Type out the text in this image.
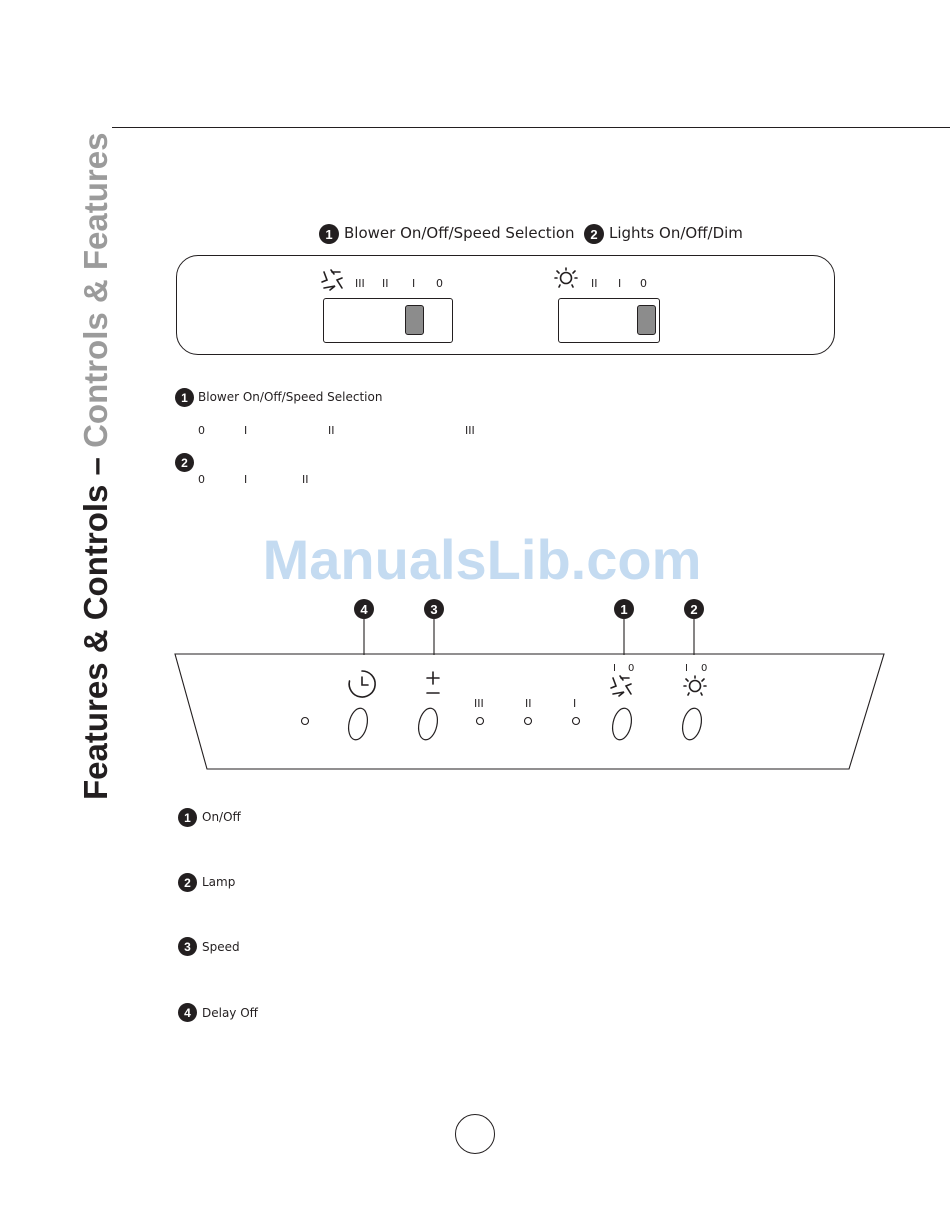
Features & Controls – Controls & Features	1 Blower On/Off/Speed Selection	2 Lights On/Off/Dim
III II I 0	II I 0
1 Blower On/Off/Speed Selection
0	I	II	III
2
0	I	II
ManualsLib.com
4	3	1	2
III	II	I
I 0	I 0
1 On/Off
2 Lamp
3 Speed
4 Delay Off
